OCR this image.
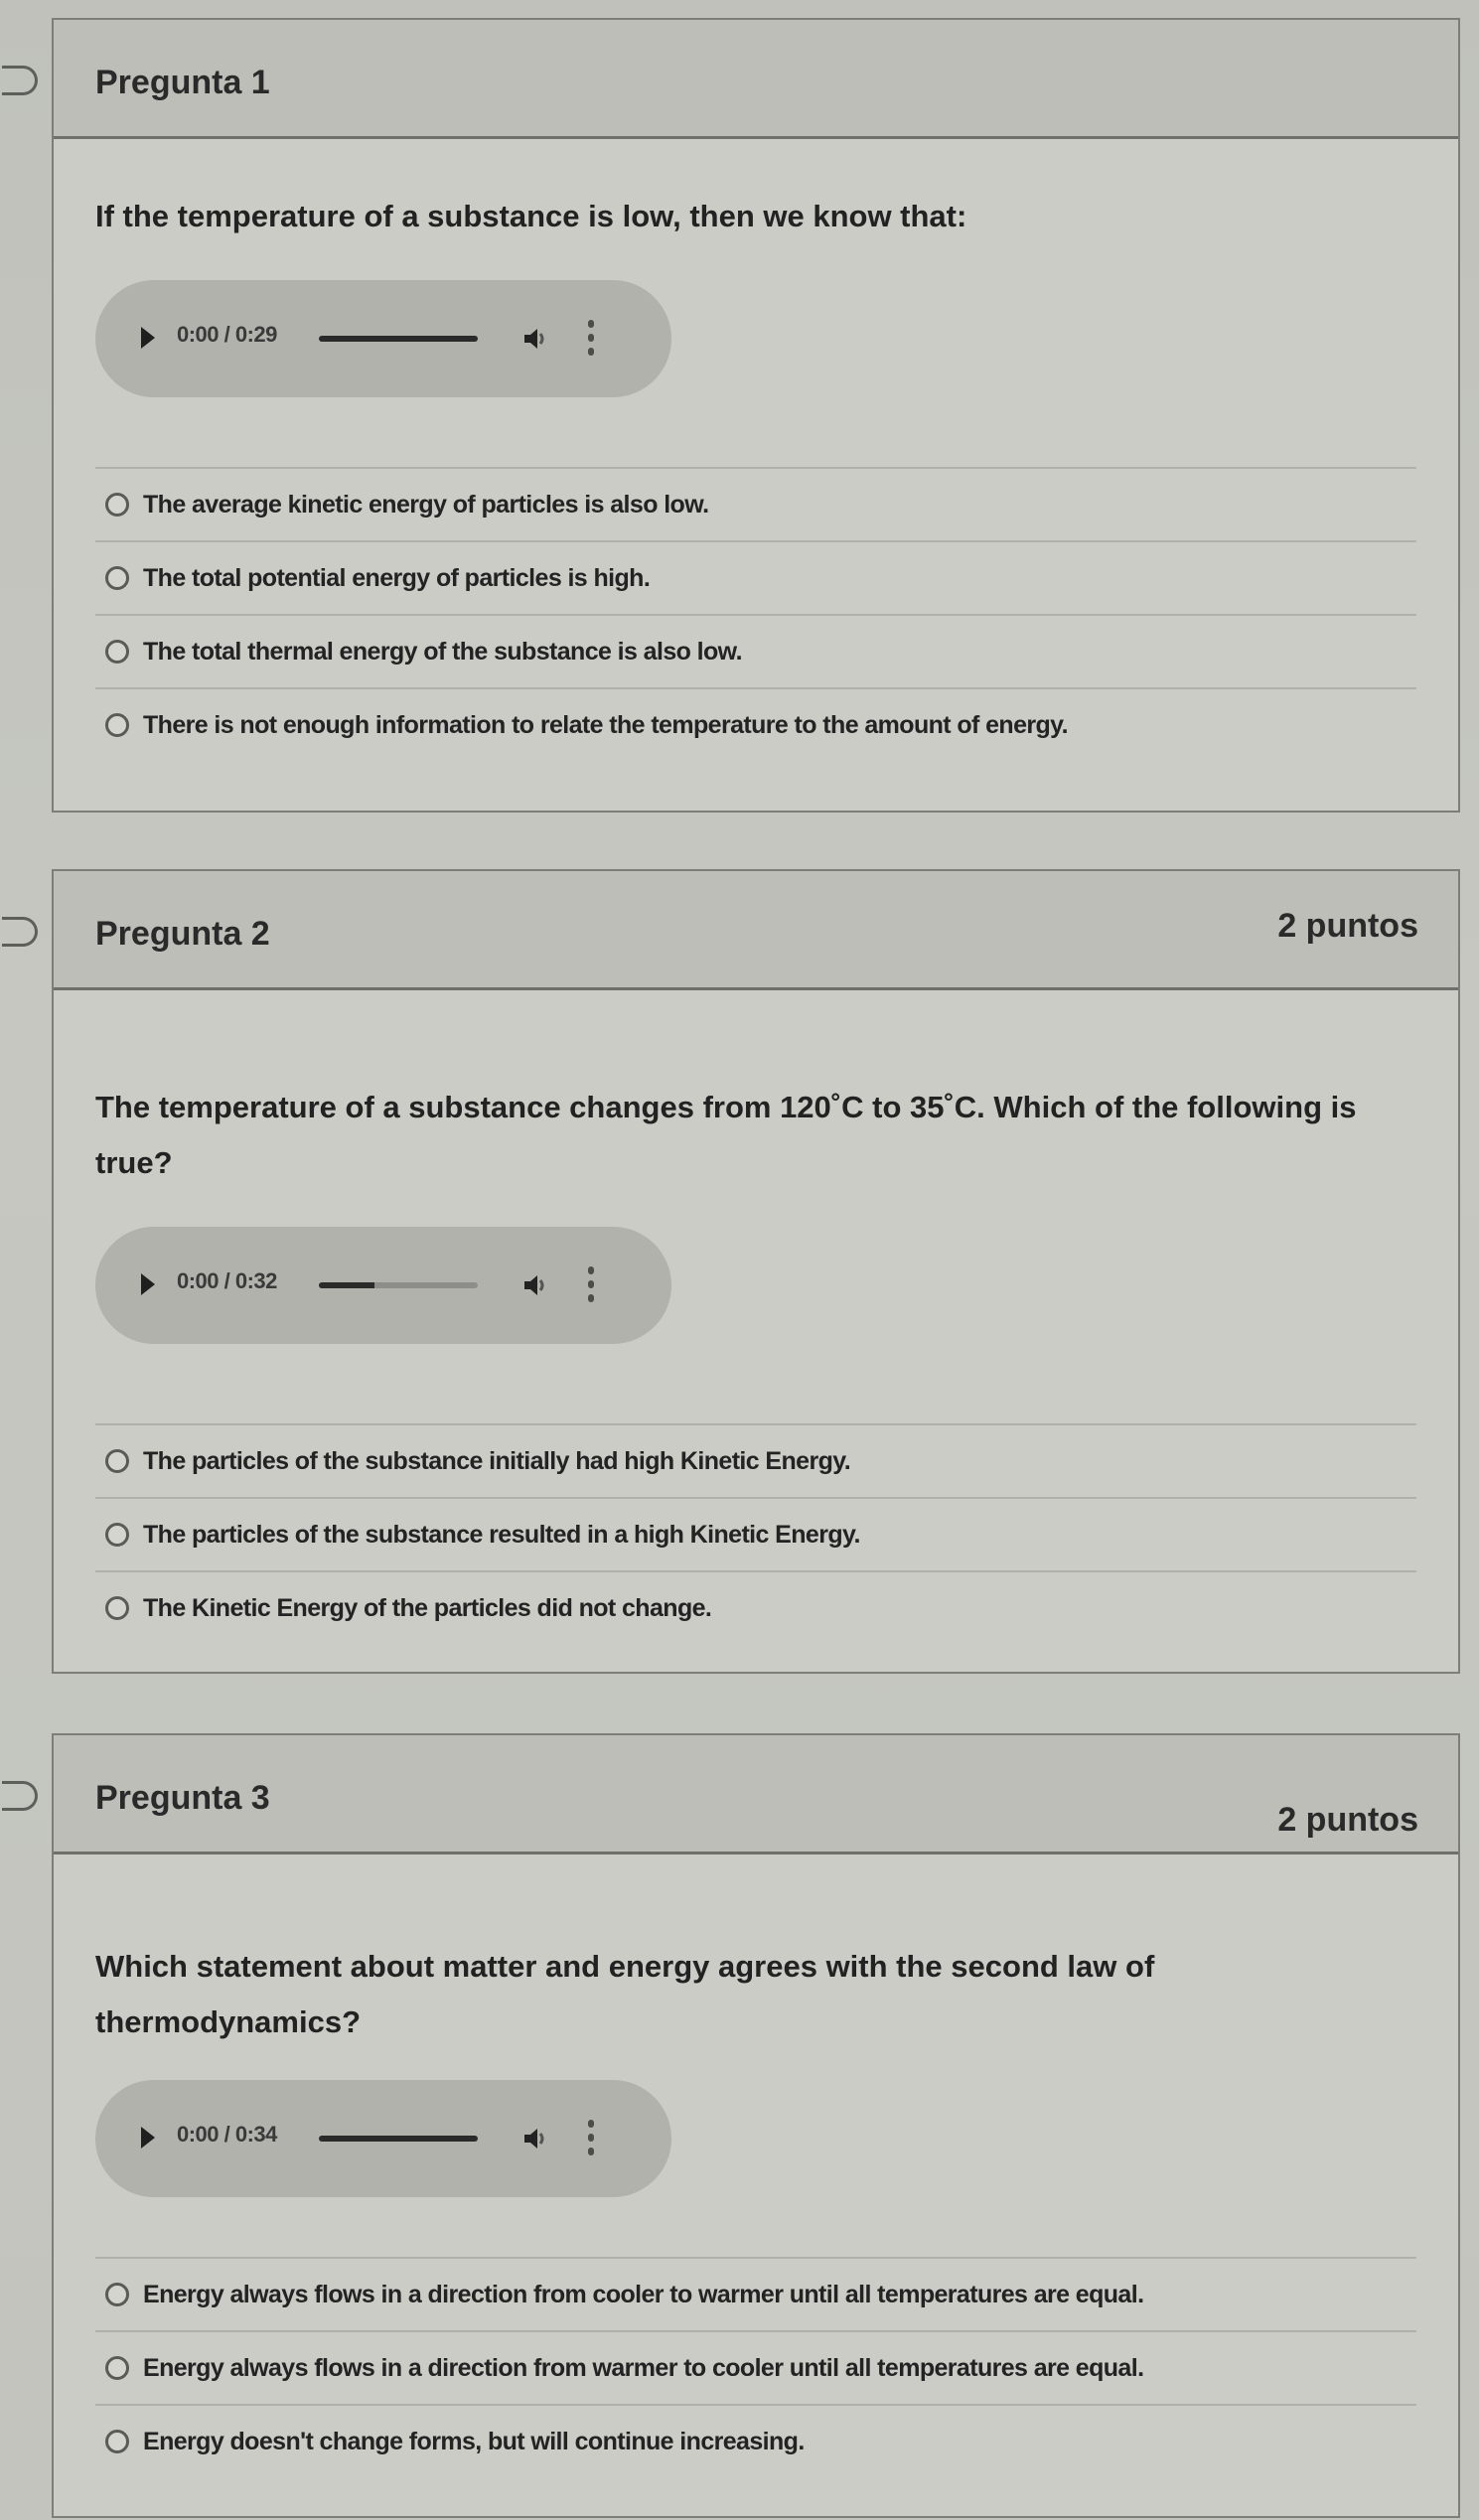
Pregunta 1
If the temperature of a substance is low, then we know that:
0:00 / 0:29
The average kinetic energy of particles is also low.
The total potential energy of particles is high.
The total thermal energy of the substance is also low.
There is not enough information to relate the temperature to the amount of energy.
Pregunta 2	2 puntos
The temperature of a substance changes from 120˚C to 35˚C. Which of the following is true?
0:00 / 0:32
The particles of the substance initially had high Kinetic Energy.
The particles of the substance resulted in a high Kinetic Energy.
The Kinetic Energy of the particles did not change.
Pregunta 3
2 puntos
Which statement about matter and energy agrees with the second law of thermodynamics?
0:00 / 0:34
Energy always flows in a direction from cooler to warmer until all temperatures are equal.
Energy always flows in a direction from warmer to cooler until all temperatures are equal.
Energy doesn't change forms, but will continue increasing.
